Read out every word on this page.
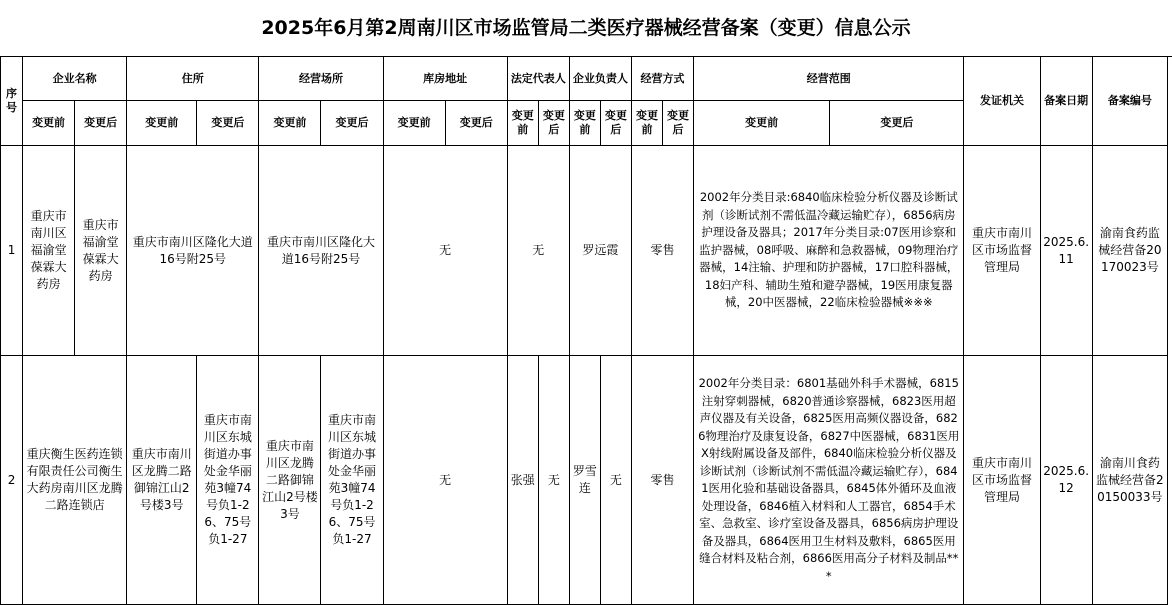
2025年6月第2周南川区市场监管局二类医疗器械经营备案（变更）信息公示
序号	企业名称		住所		经营场所		库房地址		法定代表人		企业负责人		经营方式		经营范围		发证机关	备案日期	备案编号
	变更前	变更后	变更前	变更后	变更前	变更后	变更前	变更后	变更前	变更后	变更前	变更后	变更前	变更后	变更前	变更后			
1	重庆市南川区福渝堂葆霖大药房	重庆市福渝堂葆霖大药房	重庆市南川区隆化大道16号附25号		重庆市南川区隆化大道16号附25号		无		无		罗远霞		零售		2002年分类目录:6840临床检验分析仪器及诊断试剂（诊断试剂不需低温冷藏运输贮存），6856病房护理设备及器具；2017年分类目录:07医用诊察和监护器械，08呼吸、麻醉和急救器械，09物理治疗器械，14注输、护理和防护器械，17口腔科器械，18妇产科、辅助生殖和避孕器械，19医用康复器械，20中医器械，22临床检验器械※※※		重庆市南川区市场监督管理局	2025.6.11	渝南食药监械经营备20170023号
2	重庆衡生医药连锁有限责任公司衡生大药房南川区龙腾二路连锁店		重庆市南川区龙腾二路御锦江山2号楼3号	重庆市南川区东城街道办事处金华丽苑3幢74号负1-26、75号负1-27	重庆市南川区龙腾二路御锦江山2号楼3号	重庆市南川区东城街道办事处金华丽苑3幢74号负1-26、75号负1-27	无		张强	无	罗雪连	无	零售		2002年分类目录：6801基础外科手术器械，6815注射穿刺器械，6820普通诊察器械，6823医用超声仪器及有关设备，6825医用高频仪器设备，6826物理治疗及康复设备，6827中医器械，6831医用X射线附属设备及部件，6840临床检验分析仪器及诊断试剂（诊断试剂不需低温冷藏运输贮存），6841医用化验和基础设备器具，6845体外循环及血液处理设备，6846植入材料和人工器官，6854手术室、急救室、诊疗室设备及器具，6856病房护理设备及器具，6864医用卫生材料及敷料，6865医用缝合材料及粘合剂，6866医用高分子材料及制品***		重庆市南川区市场监督管理局	2025.6.12	渝南川食药监械经营备20150033号
